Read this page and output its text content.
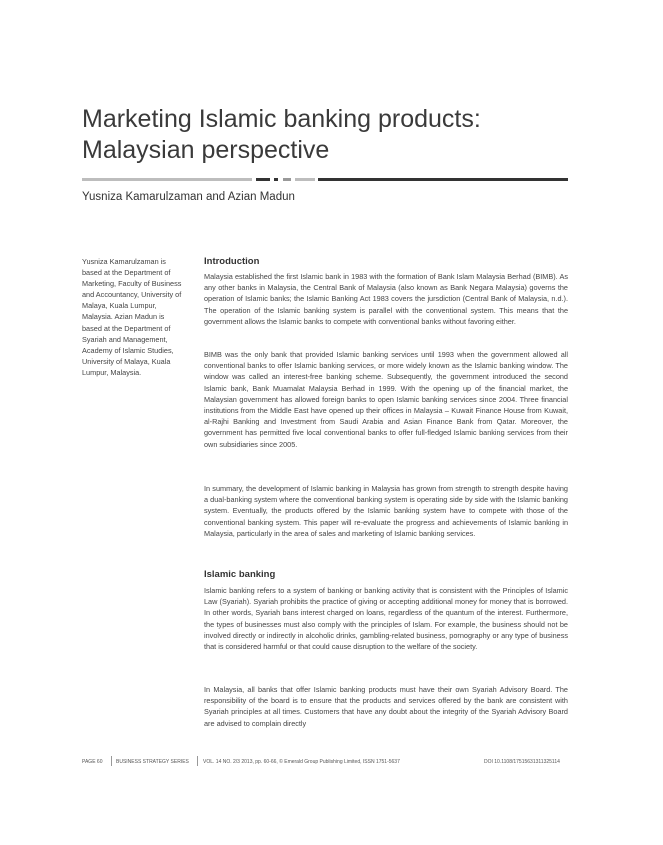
Marketing Islamic banking products:
Malaysian perspective
Yusniza Kamarulzaman and Azian Madun
Yusniza Kamarulzaman is based at the Department of Marketing, Faculty of Business and Accountancy, University of Malaya, Kuala Lumpur, Malaysia. Azian Madun is based at the Department of Syariah and Management, Academy of Islamic Studies, University of Malaya, Kuala Lumpur, Malaysia.
Introduction

Malaysia established the first Islamic bank in 1983 with the formation of Bank Islam Malaysia Berhad (BIMB). As any other banks in Malaysia, the Central Bank of Malaysia (also known as Bank Negara Malaysia) governs the operation of Islamic banks; the Islamic Banking Act 1983 covers the jursdiction (Central Bank of Malaysia, n.d.). The operation of the Islamic banking system is parallel with the conventional system. This means that the government allows the Islamic banks to compete with conventional banks without favoring either.

BIMB was the only bank that provided Islamic banking services until 1993 when the government allowed all conventional banks to offer Islamic banking services, or more widely known as the Islamic banking window. The window was called an interest-free banking scheme. Subsequently, the government introduced the second Islamic bank, Bank Muamalat Malaysia Berhad in 1999. With the opening up of the financial market, the Malaysian government has allowed foreign banks to open Islamic banking services since 2004. Three financial institutions from the Middle East have opened up their offices in Malaysia – Kuwait Finance House from Kuwait, al-Rajhi Banking and Investment from Saudi Arabia and Asian Finance Bank from Qatar. Moreover, the government has permitted five local conventional banks to offer full-fledged Islamic banking services from their own subsidiaries since 2005.

In summary, the development of Islamic banking in Malaysia has grown from strength to strength despite having a dual-banking system where the conventional banking system is operating side by side with the Islamic banking system. Eventually, the products offered by the Islamic banking system have to compete with those of the conventional banking system. This paper will re-evaluate the progress and achievements of Islamic banking in Malaysia, particularly in the area of sales and marketing of Islamic banking services.

Islamic banking

Islamic banking refers to a system of banking or banking activity that is consistent with the Principles of Islamic Law (Syariah). Syariah prohibits the practice of giving or accepting additional money for money that is borrowed. In other words, Syariah bans interest charged on loans, regardless of the quantum of the interest. Furthermore, the types of businesses must also comply with the principles of Islam. For example, the business should not be involved directly or indirectly in alcoholic drinks, gambling-related business, pornography or any type of business that is considered harmful or that could cause disruption to the welfare of the society.

In Malaysia, all banks that offer Islamic banking products must have their own Syariah Advisory Board. The responsibility of the board is to ensure that the products and services offered by the bank are consistent with Syariah principles at all times. Customers that have any doubt about the integrity of the Syariah Advisory Board are advised to complain directly

PAGE 60	BUSINESS STRATEGY SERIES	VOL. 14 NO. 2/3 2013, pp. 60-66, © Emerald Group Publishing Limited, ISSN 1751-5637	DOI 10.1108/17515631311325114
